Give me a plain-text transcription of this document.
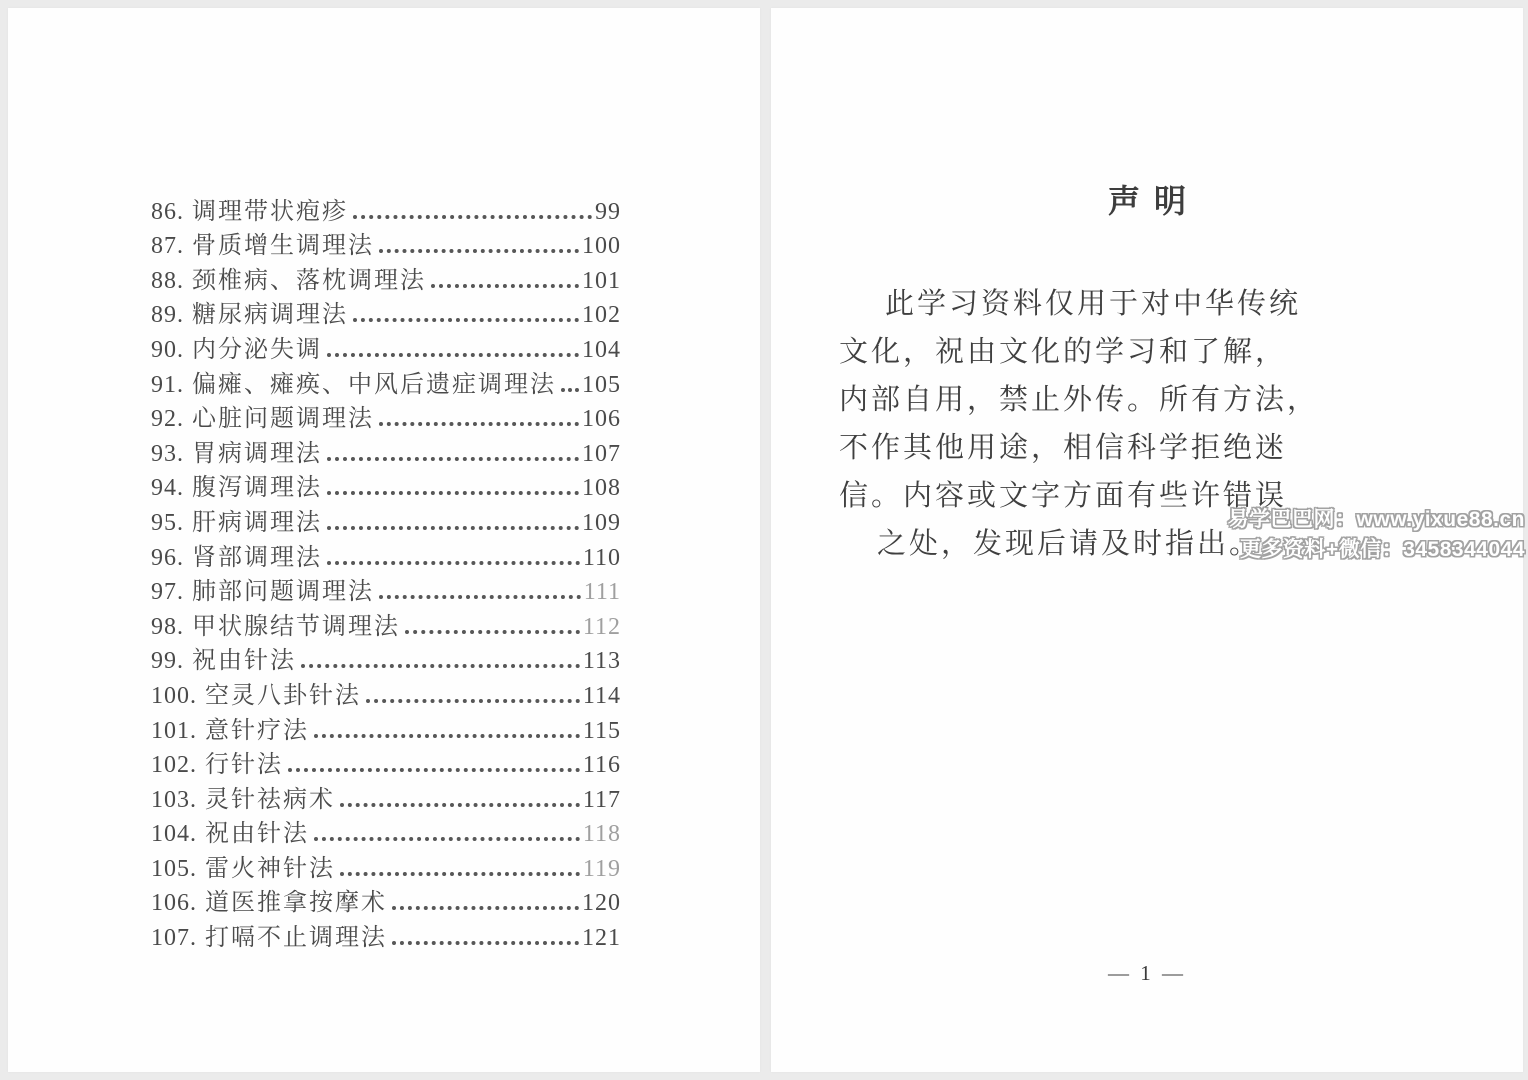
86. 调理带状疱疹	99
87. 骨质增生调理法	100
88. 颈椎病、落枕调理法	101
89. 糖尿病调理法	102
90. 内分泌失调	104
91. 偏瘫、瘫痪、中风后遗症调理法 105
92. 心脏问题调理法	106
93. 胃病调理法	107
94. 腹泻调理法	108
95. 肝病调理法	109
96. 肾部调理法	110
97. 肺部问题调理法	111
98. 甲状腺结节调理法	112
99. 祝由针法	113
100. 空灵八卦针法	114
101. 意针疗法	115
102. 行针法	116
103. 灵针祛病术	117
104. 祝由针法	118
105. 雷火神针法	119
106. 道医推拿按摩术	120
107. 打嗝不止调理法	121
声明
此学习资料仅用于对中华传统
文化，祝由文化的学习和了解，
内部自用，禁止外传。所有方法，
不作其他用途，相信科学拒绝迷
信。内容或文字方面有些许错误
之处，发现后请及时指出。
— 1 —
易学巴巴网：www.yixue88.cn
更多资料+微信：3458344044
